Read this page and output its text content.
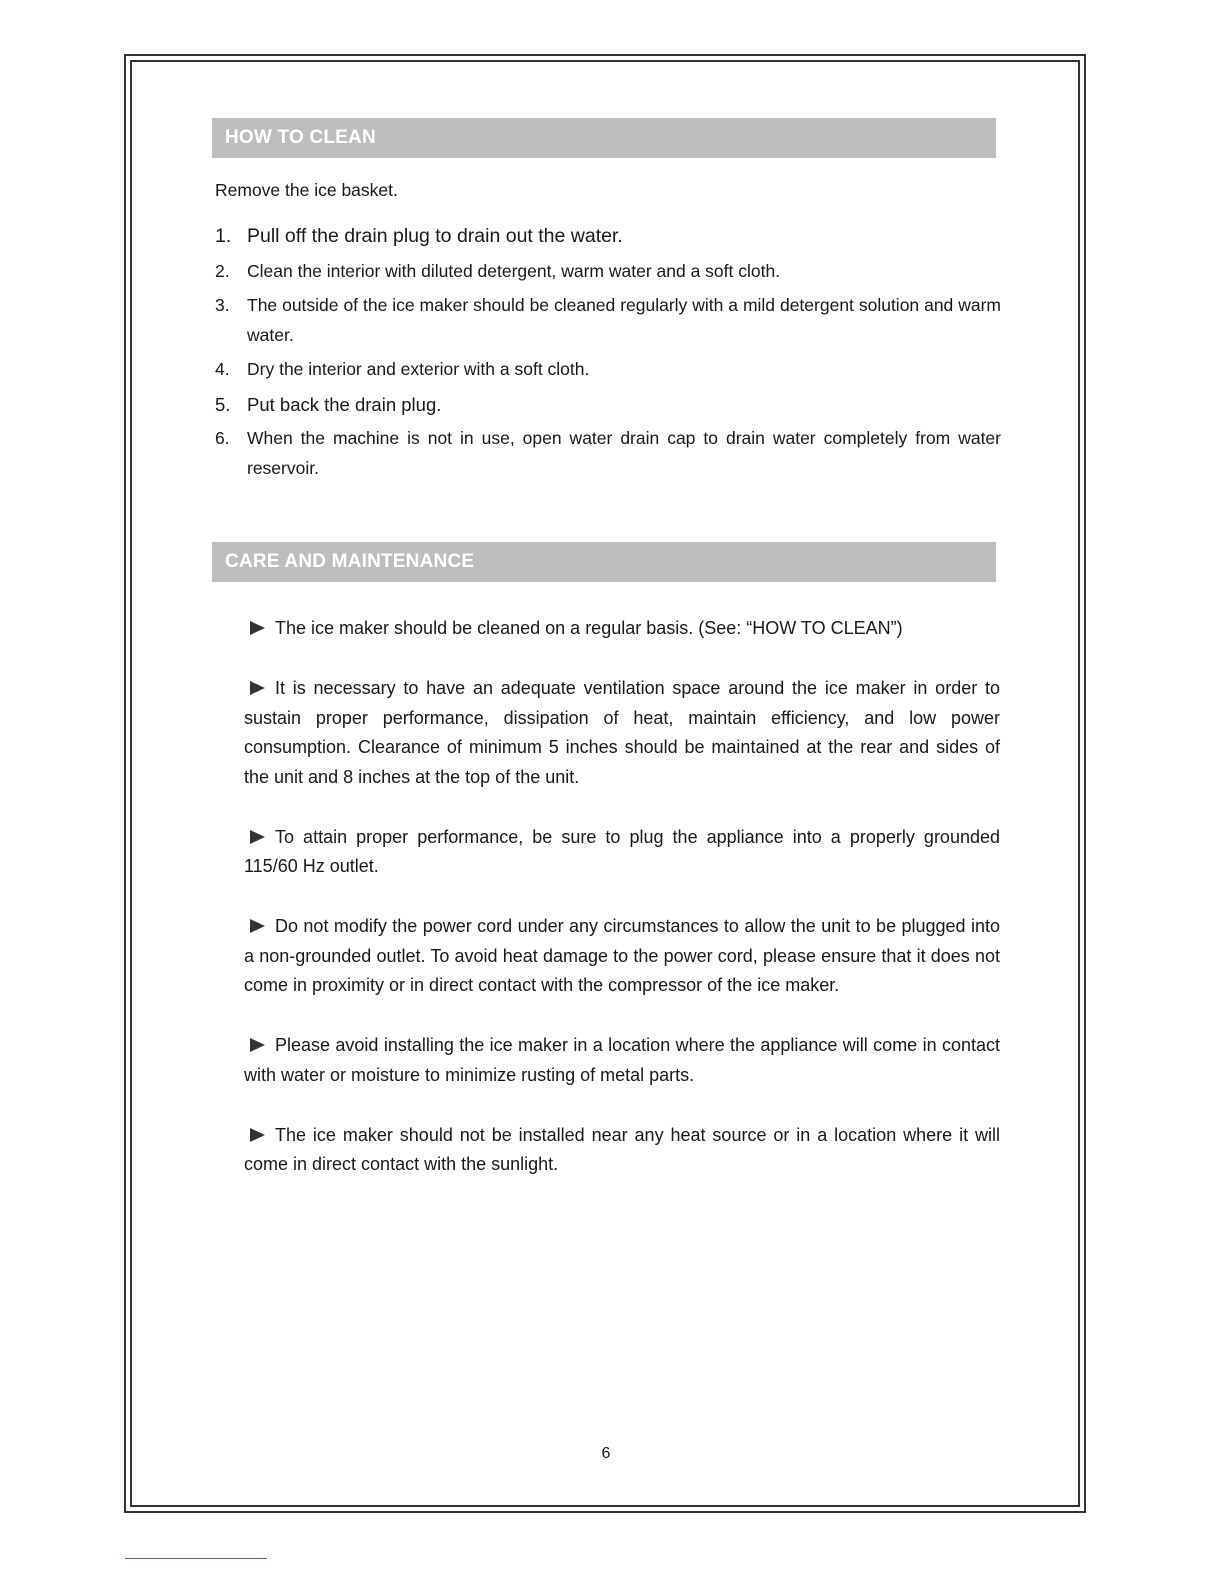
HOW TO CLEAN
Remove the ice basket.
1. Pull off the drain plug to drain out the water.
2. Clean the interior with diluted detergent, warm water and a soft cloth.
3. The outside of the ice maker should be cleaned regularly with a mild detergent solution and warm water.
4. Dry the interior and exterior with a soft cloth.
5. Put back the drain plug.
6. When the machine is not in use, open water drain cap to drain water completely from water reservoir.
CARE AND MAINTENANCE
The ice maker should be cleaned on a regular basis. (See: “HOW TO CLEAN”)
It is necessary to have an adequate ventilation space around the ice maker in order to sustain proper performance, dissipation of heat, maintain efficiency, and low power consumption. Clearance of minimum 5 inches should be maintained at the rear and sides of the unit and 8 inches at the top of the unit.
To attain proper performance, be sure to plug the appliance into a properly grounded 115/60 Hz outlet.
Do not modify the power cord under any circumstances to allow the unit to be plugged into a non-grounded outlet. To avoid heat damage to the power cord, please ensure that it does not come in proximity or in direct contact with the compressor of the ice maker.
Please avoid installing the ice maker in a location where the appliance will come in contact with water or moisture to minimize rusting of metal parts.
The ice maker should not be installed near any heat source or in a location where it will come in direct contact with the sunlight.
6
